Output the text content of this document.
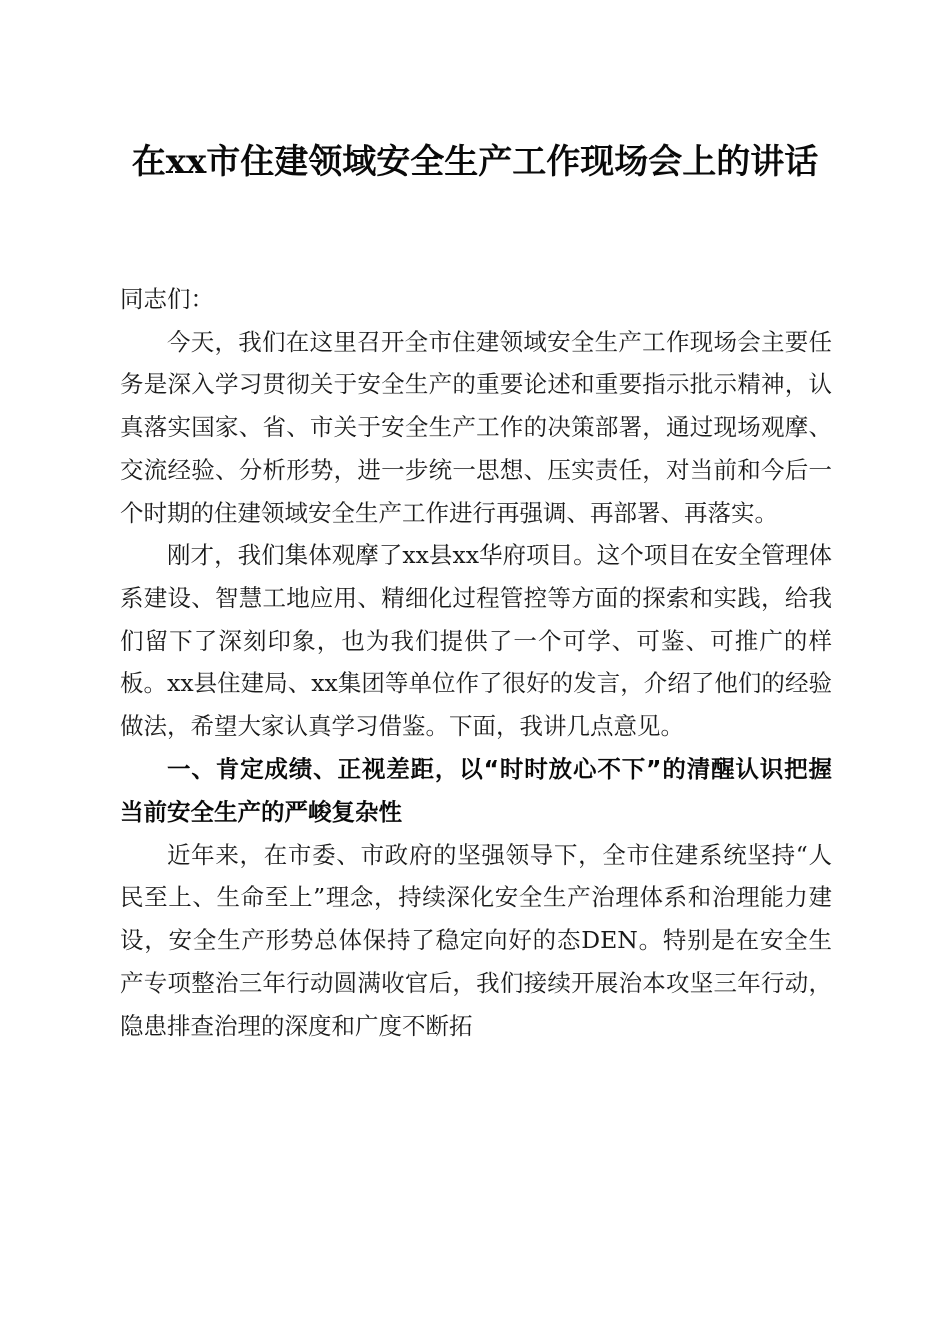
在xx市住建领域安全生产工作现场会上的讲话

同志们：

今天，我们在这里召开全市住建领域安全生产工作现场会主要任务是深入学习贯彻关于安全生产的重要论述和重要指示批示精神，认真落实国家、省、市关于安全生产工作的决策部署，通过现场观摩、交流经验、分析形势，进一步统一思想、压实责任，对当前和今后一个时期的住建领域安全生产工作进行再强调、再部署、再落实。

刚才，我们集体观摩了xx县xx华府项目。这个项目在安全管理体系建设、智慧工地应用、精细化过程管控等方面的探索和实践，给我们留下了深刻印象，也为我们提供了一个可学、可鉴、可推广的样板。xx县住建局、xx集团等单位作了很好的发言，介绍了他们的经验做法，希望大家认真学习借鉴。下面，我讲几点意见。

一、肯定成绩、正视差距，以“时时放心不下”的清醒认识把握当前安全生产的严峻复杂性

近年来，在市委、市政府的坚强领导下，全市住建系统坚持“人民至上、生命至上”理念，持续深化安全生产治理体系和治理能力建设，安全生产形势总体保持了稳定向好的态DEN。特别是在安全生产专项整治三年行动圆满收官后，我们接续开展治本攻坚三年行动，隐患排查治理的深度和广度不断拓
